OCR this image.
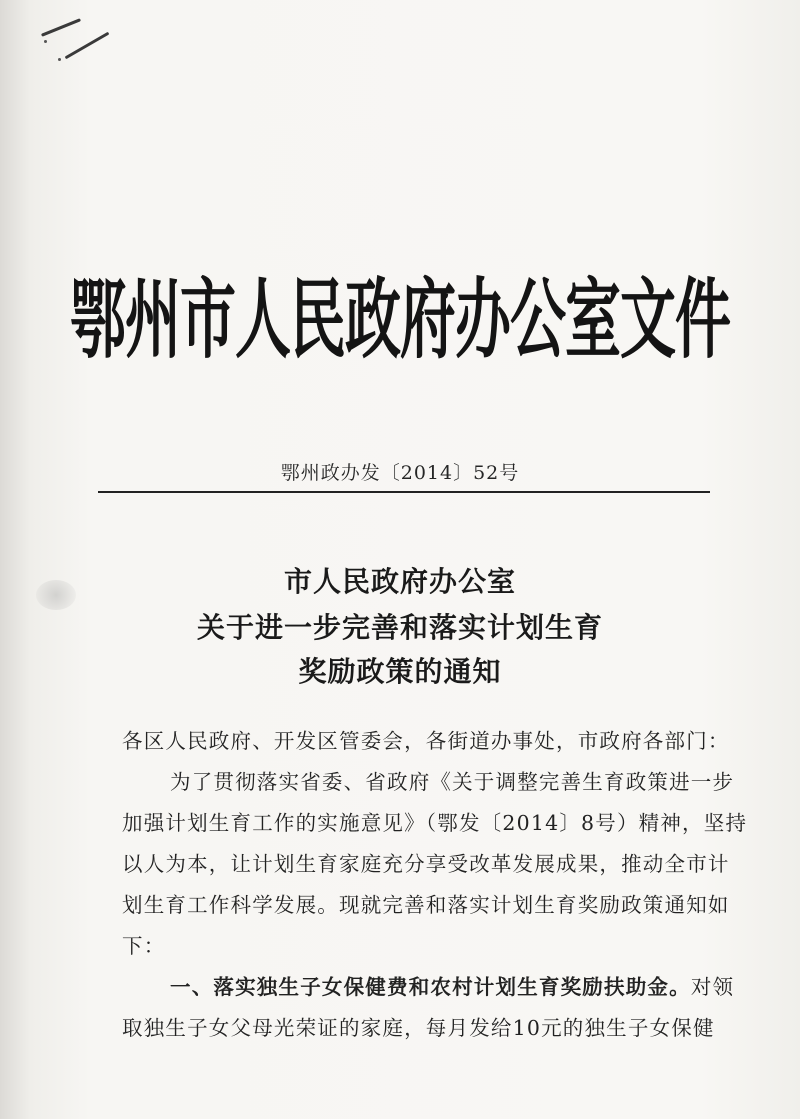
鄂州市人民政府办公室文件
鄂州政办发〔2014〕52号
市人民政府办公室
关于进一步完善和落实计划生育
奖励政策的通知
各区人民政府、开发区管委会，各街道办事处，市政府各部门：
为了贯彻落实省委、省政府《关于调整完善生育政策进一步
加强计划生育工作的实施意见》（鄂发〔2014〕8号）精神，坚持
以人为本，让计划生育家庭充分享受改革发展成果，推动全市计
划生育工作科学发展。现就完善和落实计划生育奖励政策通知如
下：
一、落实独生子女保健费和农村计划生育奖励扶助金。对领
取独生子女父母光荣证的家庭，每月发给10元的独生子女保健
